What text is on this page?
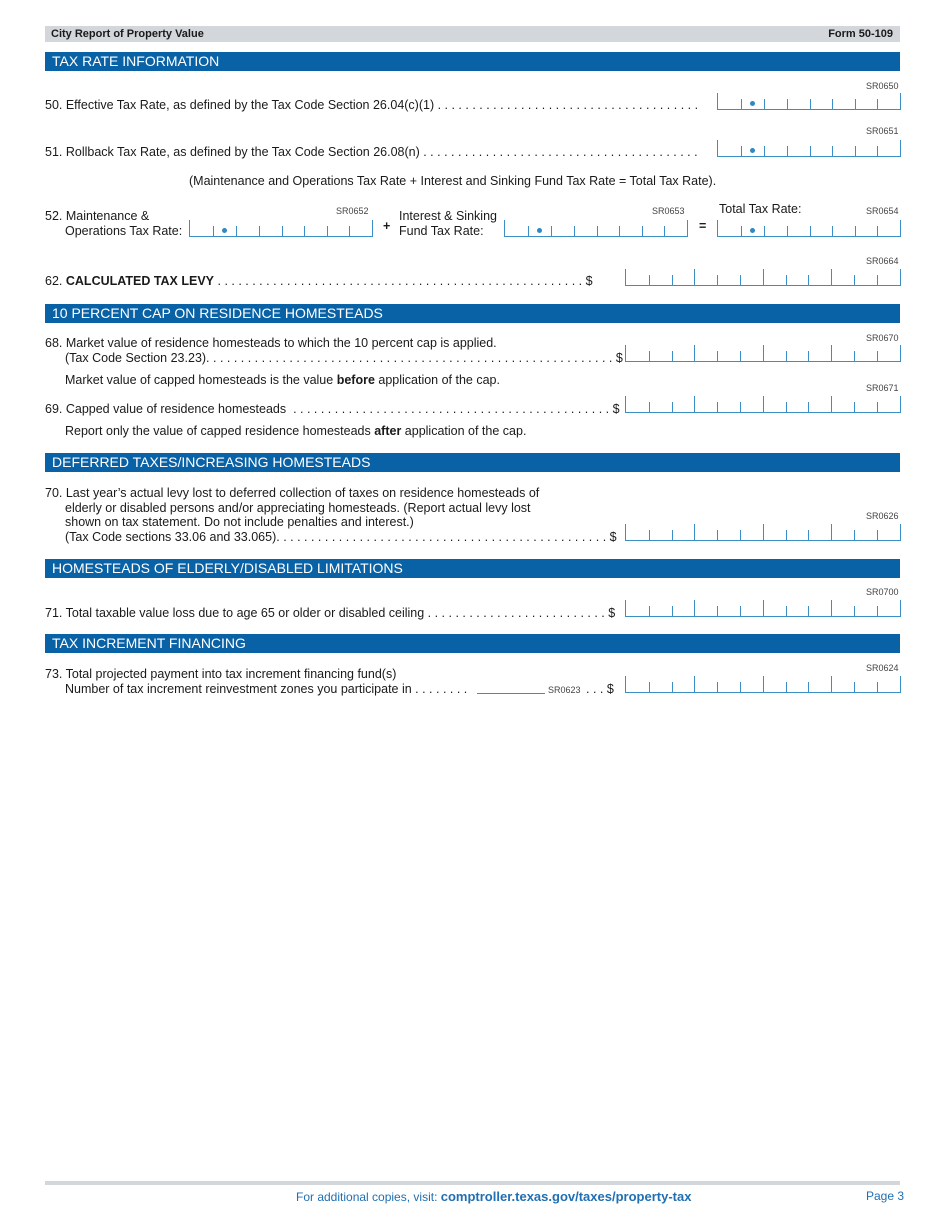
City Report of Property Value	Form 50-109
TAX RATE INFORMATION
SR0650
50. Effective Tax Rate, as defined by the Tax Code Section 26.04(c)(1) . . . . . . . . . . . . . . . . . . . . . . . . . . . . . . . . . . . . . .
SR0651
51. Rollback Tax Rate, as defined by the Tax Code Section 26.08(n) . . . . . . . . . . . . . . . . . . . . . . . . . . . . . . . . . . . . . . . .
(Maintenance and Operations Tax Rate + Interest and Sinking Fund Tax Rate = Total Tax Rate).
52. Maintenance &
Operations Tax Rate:
SR0652
+
Interest & Sinking
Fund Tax Rate:
SR0653
=
Total Tax Rate:	SR0654
SR0664
62. CALCULATED TAX LEVY . . . . . . . . . . . . . . . . . . . . . . . . . . . . . . . . . . . . . . . . . . . . . . . . . . . . . $
10 PERCENT CAP ON RESIDENCE HOMESTEADS
68. Market value of residence homesteads to which the 10 percent cap is applied.
(Tax Code Section 23.23). . . . . . . . . . . . . . . . . . . . . . . . . . . . . . . . . . . . . . . . . . . . . . . . . . . . . . . . . . . $
SR0670
Market value of capped homesteads is the value before application of the cap.
SR0671
69. Capped value of residence homesteads  . . . . . . . . . . . . . . . . . . . . . . . . . . . . . . . . . . . . . . . . . . . . . . $
Report only the value of capped residence homesteads after application of the cap.
DEFERRED TAXES/INCREASING HOMESTEADS
70. Last year’s actual levy lost to deferred collection of taxes on residence homesteads of
elderly or disabled persons and/or appreciating homesteads. (Report actual levy lost
shown on tax statement. Do not include penalties and interest.)
(Tax Code sections 33.06 and 33.065). . . . . . . . . . . . . . . . . . . . . . . . . . . . . . . . . . . . . . . . . . . . . . . . $
SR0626
HOMESTEADS OF ELDERLY/DISABLED LIMITATIONS
SR0700
71. Total taxable value loss due to age 65 or older or disabled ceiling . . . . . . . . . . . . . . . . . . . . . . . . . . $
TAX INCREMENT FINANCING
73. Total projected payment into tax increment financing fund(s)
Number of tax increment reinvestment zones you participate in . . . . . . . .	SR0623 . . . $
SR0624
For additional copies, visit: comptroller.texas.gov/taxes/property-tax	Page 3
